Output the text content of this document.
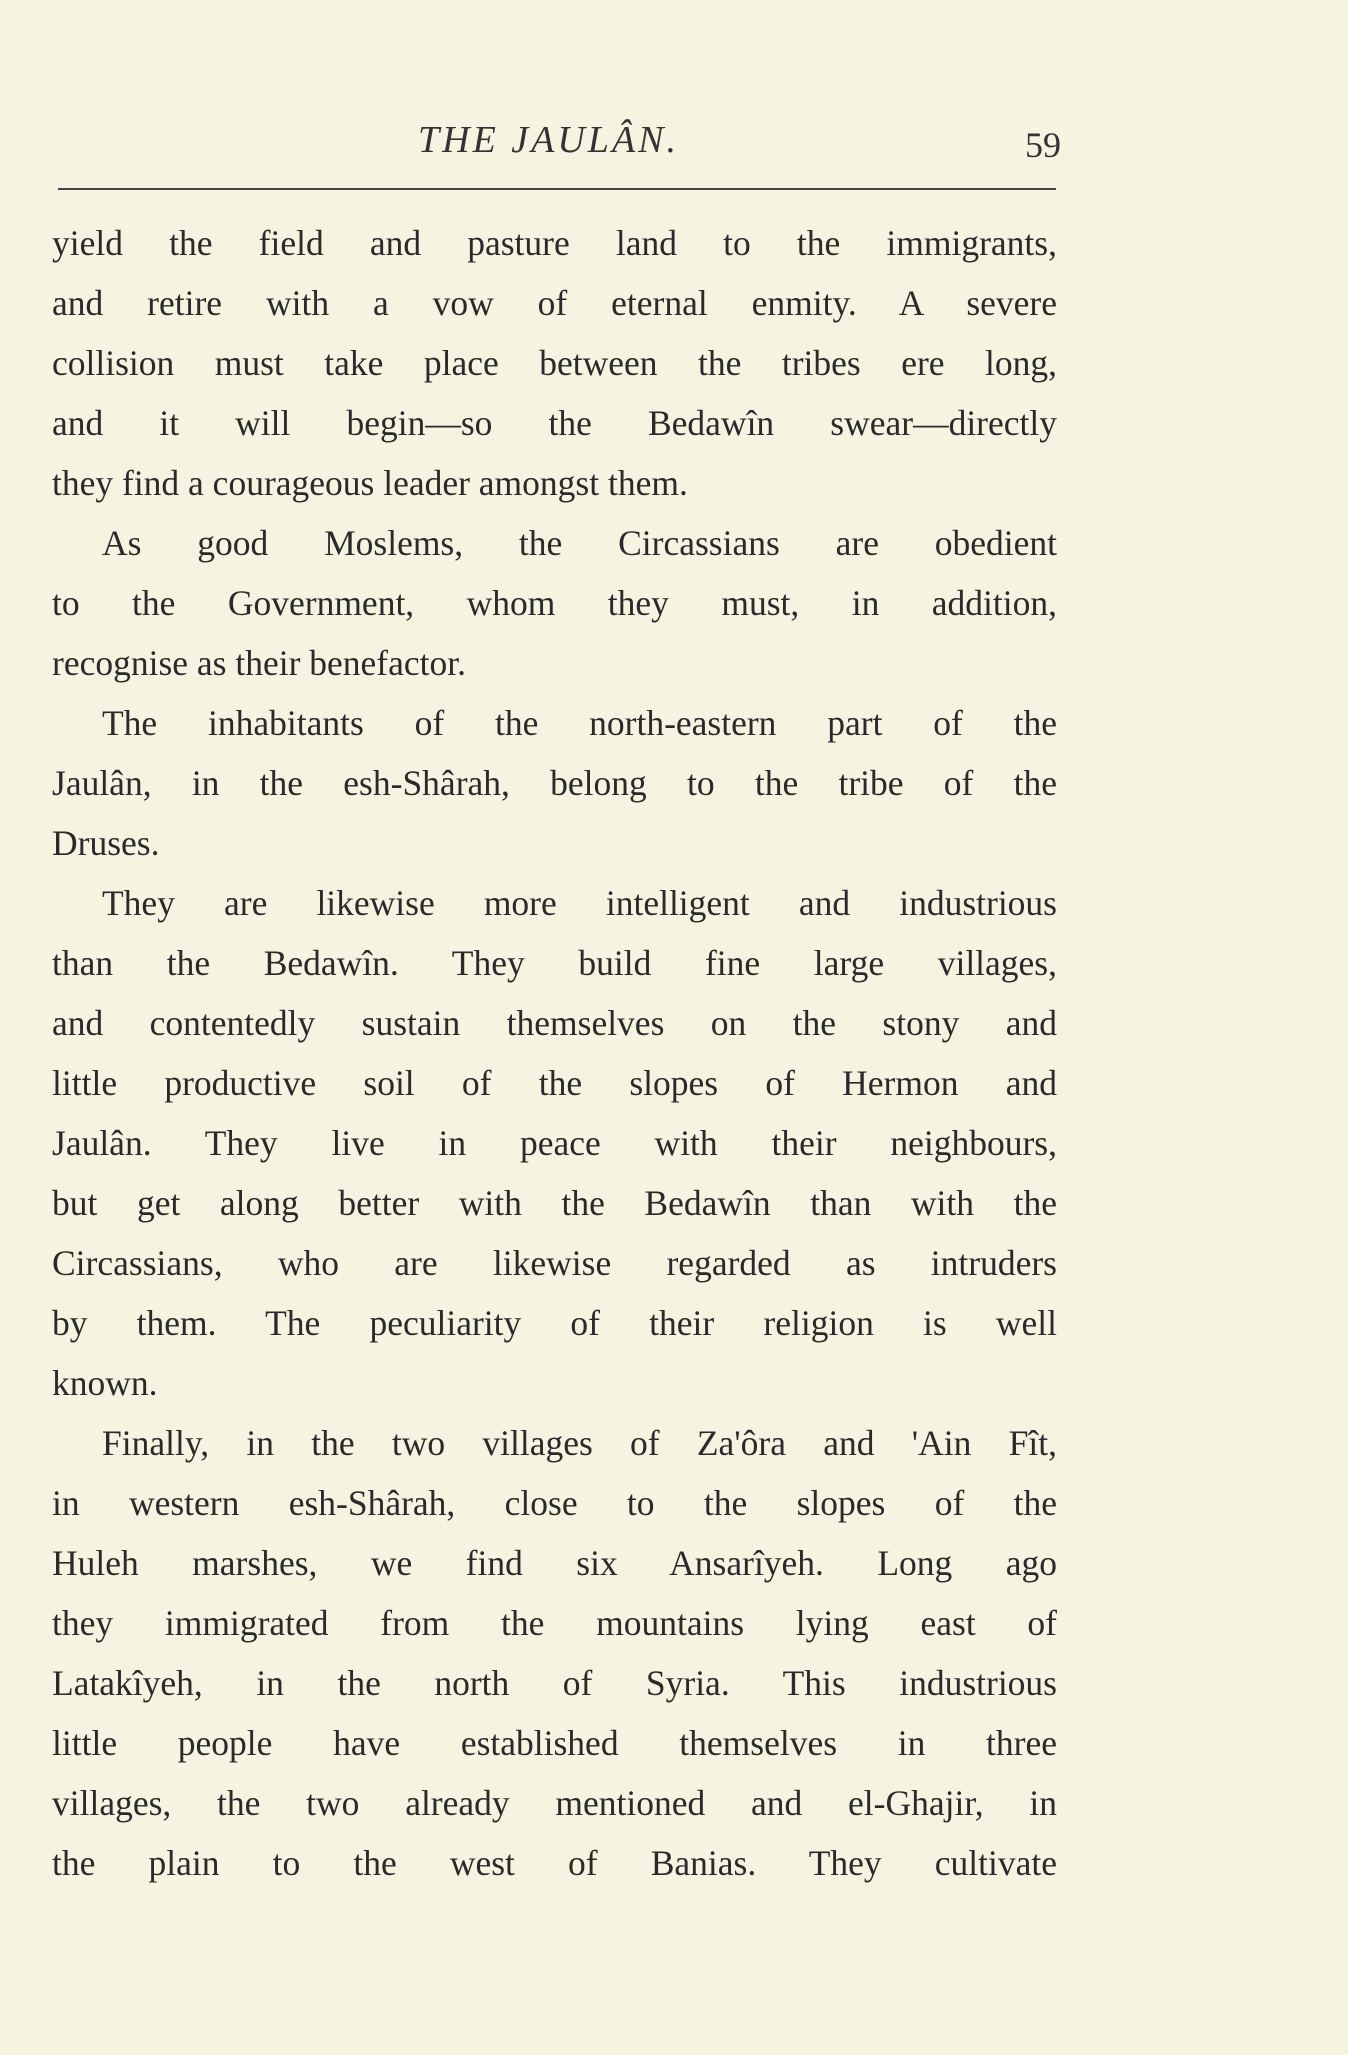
THE JAULÂN.	59
yield the field and pasture land to the immigrants,
and retire with a vow of eternal enmity. A severe
collision must take place between the tribes ere long,
and it will begin—so the Bedawîn swear—directly
they find a courageous leader amongst them.
As good Moslems, the Circassians are obedient
to the Government, whom they must, in addition,
recognise as their benefactor.
The inhabitants of the north-eastern part of the
Jaulân, in the esh-Shârah, belong to the tribe of the
Druses.
They are likewise more intelligent and industrious
than the Bedawîn. They build fine large villages,
and contentedly sustain themselves on the stony and
little productive soil of the slopes of Hermon and
Jaulân. They live in peace with their neighbours,
but get along better with the Bedawîn than with the
Circassians, who are likewise regarded as intruders
by them. The peculiarity of their religion is well
known.
Finally, in the two villages of Za'ôra and 'Ain Fît,
in western esh-Shârah, close to the slopes of the
Huleh marshes, we find six Ansarîyeh. Long ago
they immigrated from the mountains lying east of
Latakîyeh, in the north of Syria. This industrious
little people have established themselves in three
villages, the two already mentioned and el-Ghajir, in
the plain to the west of Banias. They cultivate
